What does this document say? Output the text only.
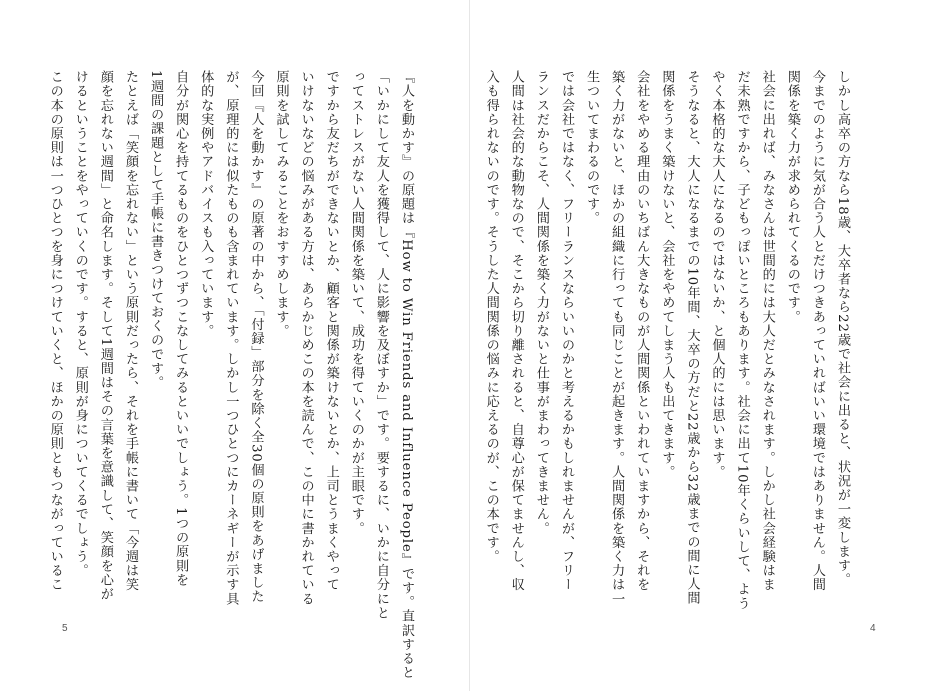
『人を動かす』の原題は『How to Win Friends and Influence People』です。直訳すると
「いかにして友人を獲得して、人に影響を及ぼすか」です。要するに、いかに自分にと
ってストレスがない人間関係を築いて、成功を得ていくのかが主眼です。
ですから友だちができないとか、顧客と関係が築けないとか、上司とうまくやって
いけないなどの悩みがある方は、あらかじめこの本を読んで、この中に書かれている
原則を試してみることをおすすめします。
今回『人を動かす』の原著の中から、「付録」部分を除く全30個の原則をあげました
が、原理的には似たものも含まれています。しかし一つひとつにカーネギーが示す具
体的な実例やアドバイスも入っています。
自分が関心を持てるものをひとつずつこなしてみるといいでしょう。1つの原則を
1週間の課題として手帳に書きつけておくのです。
たとえば「笑顔を忘れない」という原則だったら、それを手帳に書いて「今週は笑
顔を忘れない週間」と命名します。そして1週間はその言葉を意識して、笑顔を心が
けるということをやっていくのです。すると、原則が身についてくるでしょう。
この本の原則は一つひとつを身につけていくと、ほかの原則ともつながっているこ
5
しかし高卒の方なら18歳、大卒者なら22歳で社会に出ると、状況が一変します。
今までのように気が合う人とだけつきあっていればいい環境ではありません。人間
関係を築く力が求められてくるのです。
社会に出れば、みなさんは世間的には大人だとみなされます。しかし社会経験はま
だ未熟ですから、子どもっぽいところもあります。社会に出て10年くらいして、よう
やく本格的な大人になるのではないか、と個人的には思います。
そうなると、大人になるまでの10年間、大卒の方だと22歳から32歳までの間に人間
関係をうまく築けないと、会社をやめてしまう人も出てきます。
会社をやめる理由のいちばん大きなものが人間関係といわれていますから、それを
築く力がないと、ほかの組織に行っても同じことが起きます。人間関係を築く力は一
生ついてまわるのです。
では会社ではなく、フリーランスならいいのかと考えるかもしれませんが、フリー
ランスだからこそ、人間関係を築く力がないと仕事がまわってきません。
人間は社会的な動物なので、そこから切り離されると、自尊心が保てませんし、収
入も得られないのです。そうした人間関係の悩みに応えるのが、この本です。
4
